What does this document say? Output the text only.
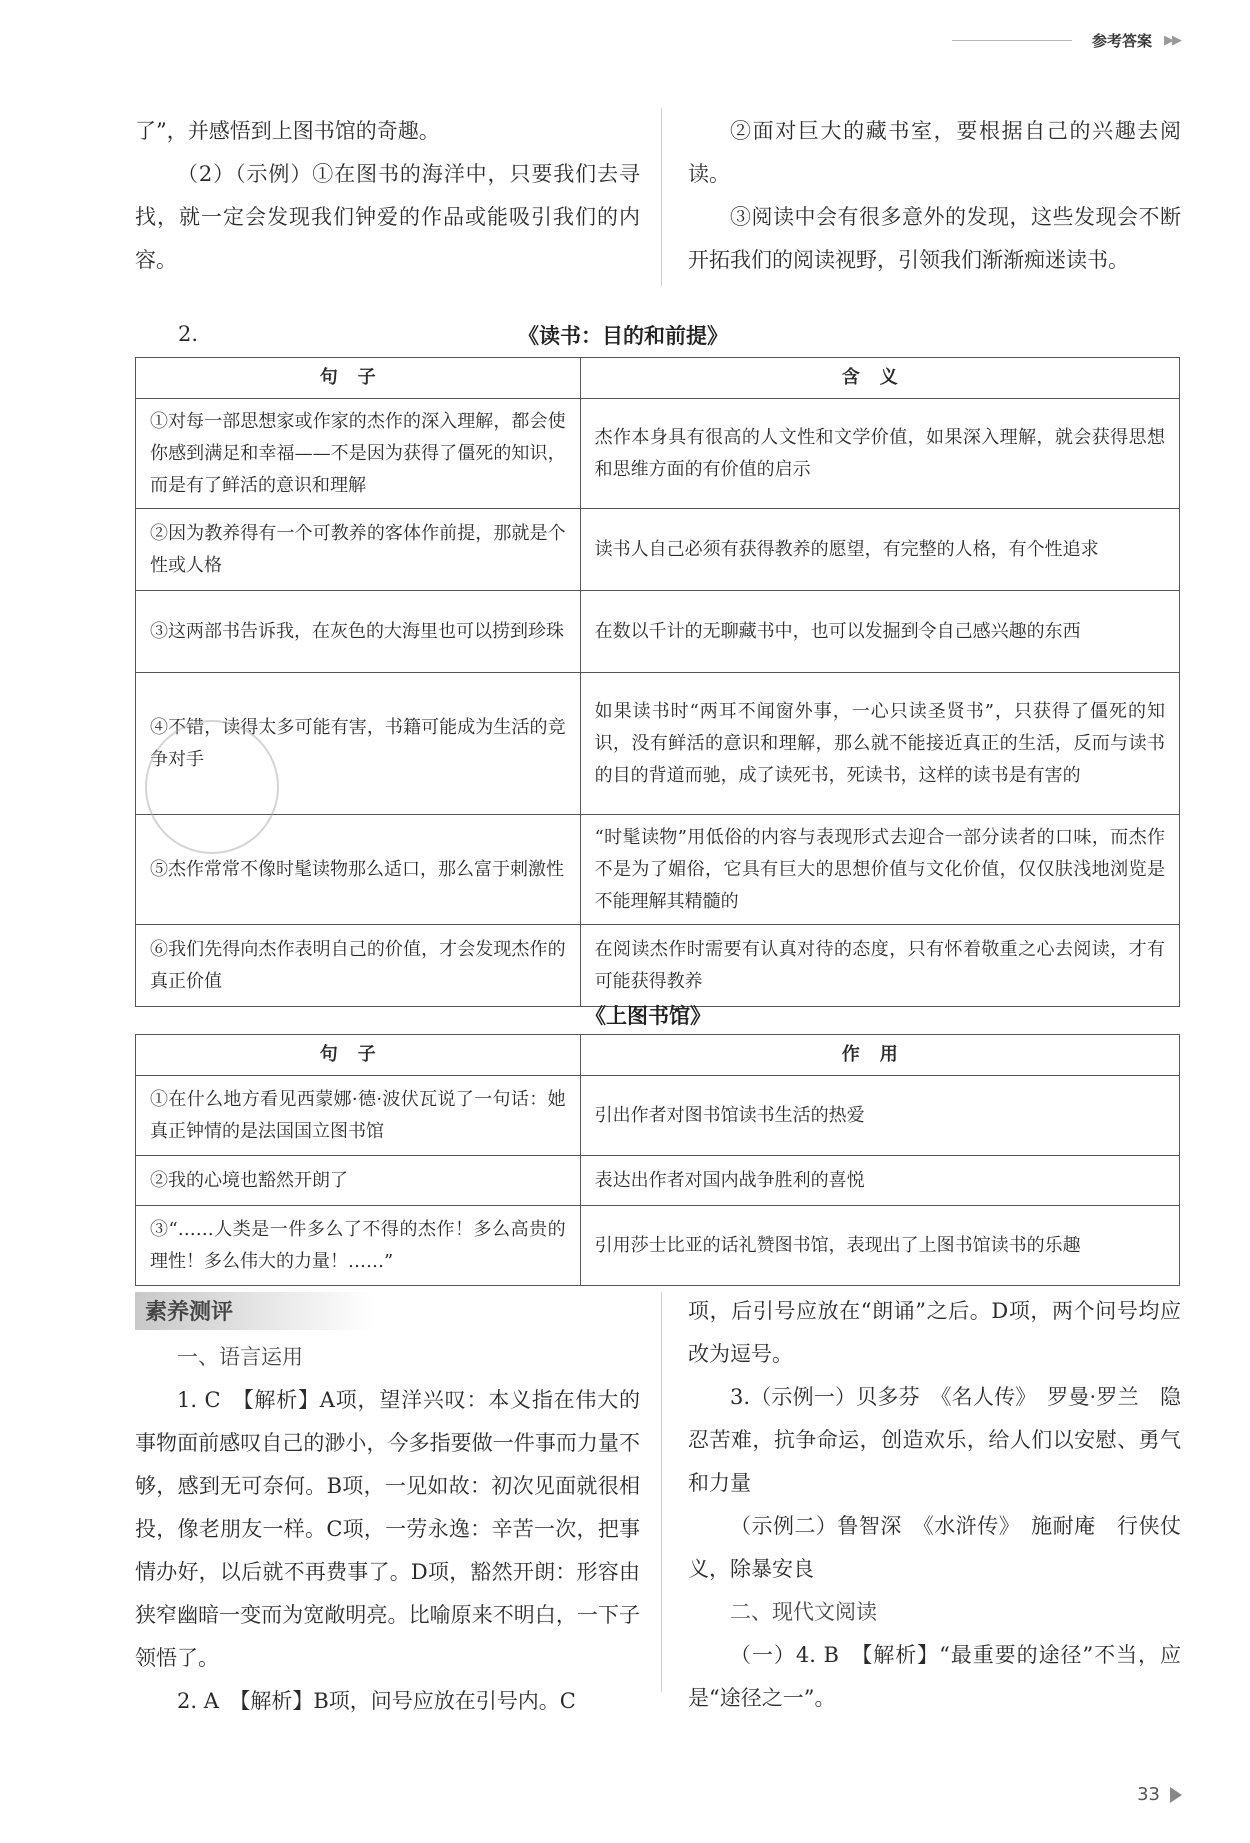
参考答案 ▶▶

了”，并感悟到上图书馆的奇趣。

（2）（示例）①在图书的海洋中，只要我们去寻找，就一定会发现我们钟爱的作品或能吸引我们的内容。

②面对巨大的藏书室，要根据自己的兴趣去阅读。

③阅读中会有很多意外的发现，这些发现会不断开拓我们的阅读视野，引领我们渐渐痴迷读书。

2.	《读书：目的和前提》
句子	含义
①对每一部思想家或作家的杰作的深入理解，都会使你感到满足和幸福——不是因为获得了僵死的知识，而是有了鲜活的意识和理解	杰作本身具有很高的人文性和文学价值，如果深入理解，就会获得思想和思维方面的有价值的启示
②因为教养得有一个可教养的客体作前提，那就是个性或人格	读书人自己必须有获得教养的愿望，有完整的人格，有个性追求
③这两部书告诉我，在灰色的大海里也可以捞到珍珠	在数以千计的无聊藏书中，也可以发掘到令自己感兴趣的东西
④不错，读得太多可能有害，书籍可能成为生活的竞争对手	如果读书时“两耳不闻窗外事，一心只读圣贤书”，只获得了僵死的知识，没有鲜活的意识和理解，那么就不能接近真正的生活，反而与读书的目的背道而驰，成了读死书，死读书，这样的读书是有害的
⑤杰作常常不像时髦读物那么适口，那么富于刺激性	“时髦读物”用低俗的内容与表现形式去迎合一部分读者的口味，而杰作不是为了媚俗，它具有巨大的思想价值与文化价值，仅仅肤浅地浏览是不能理解其精髓的
⑥我们先得向杰作表明自己的价值，才会发现杰作的真正价值	在阅读杰作时需要有认真对待的态度，只有怀着敬重之心去阅读，才有可能获得教养
《上图书馆》
句子	作用
①在什么地方看见西蒙娜·德·波伏瓦说了一句话：她真正钟情的是法国国立图书馆	引出作者对图书馆读书生活的热爱
②我的心境也豁然开朗了	表达出作者对国内战争胜利的喜悦
③“……人类是一件多么了不得的杰作！多么高贵的理性！多么伟大的力量！……”	引用莎士比亚的话礼赞图书馆，表现出了上图书馆读书的乐趣
素养测评

一、语言运用

1. C　【解析】A项，望洋兴叹：本义指在伟大的事物面前感叹自己的渺小，今多指要做一件事而力量不够，感到无可奈何。B项，一见如故：初次见面就很相投，像老朋友一样。C项，一劳永逸：辛苦一次，把事情办好，以后就不再费事了。D项，豁然开朗：形容由狭窄幽暗一变而为宽敞明亮。比喻原来不明白，一下子领悟了。

2. A　【解析】B项，问号应放在引号内。C

项，后引号应放在“朗诵”之后。D项，两个问号均应改为逗号。

3.（示例一）贝多芬　《名人传》　罗曼·罗兰　隐忍苦难，抗争命运，创造欢乐，给人们以安慰、勇气和力量

（示例二）鲁智深　《水浒传》　施耐庵　行侠仗义，除暴安良

二、现代文阅读

（一）4. B　【解析】“最重要的途径”不当，应是“途径之一”。

33
